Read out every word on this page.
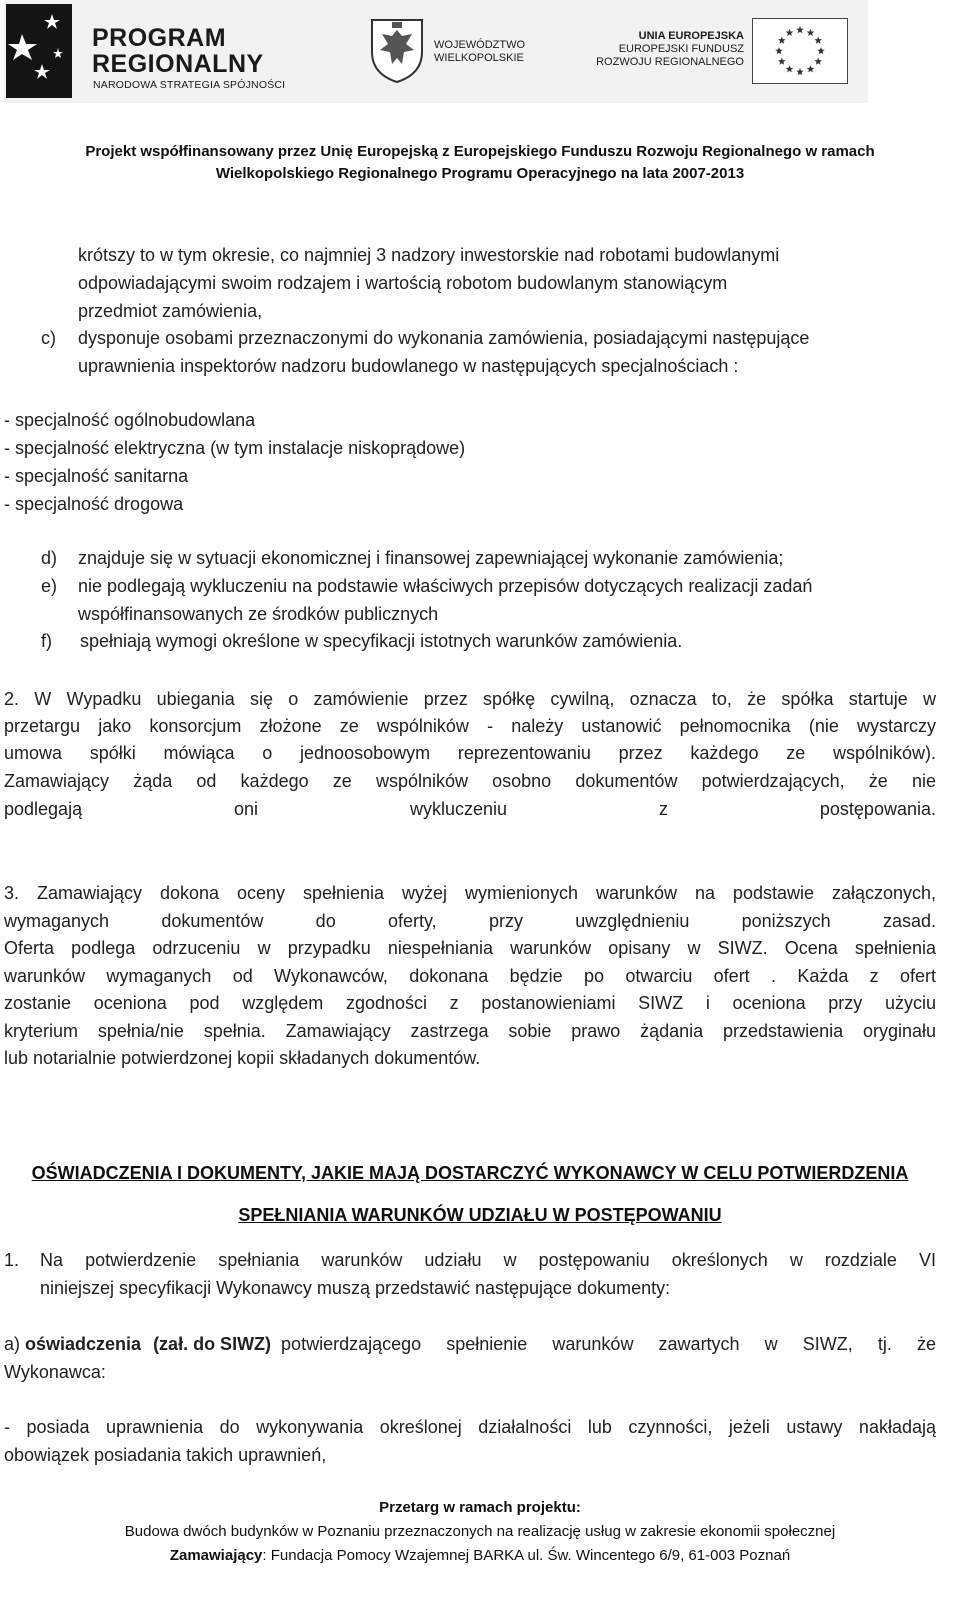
PROGRAM
REGIONALNY
NARODOWA STRATEGIA SPÓJNOŚCI
WOJEWÓDZTWO
WIELKOPOLSKIE
UNIA EUROPEJSKA
EUROPEJSKI FUNDUSZ
ROZWOJU REGIONALNEGO
Projekt współfinansowany przez Unię Europejską z Europejskiego Funduszu Rozwoju Regionalnego w ramach
Wielkopolskiego Regionalnego Programu Operacyjnego na lata 2007-2013
krótszy to w tym okresie, co najmniej 3 nadzory inwestorskie nad robotami budowlanymi
odpowiadającymi swoim rodzajem i wartością robotom budowlanym stanowiącym
przedmiot zamówienia,
c) dysponuje osobami przeznaczonymi do wykonania zamówienia, posiadającymi następujące
uprawnienia inspektorów nadzoru budowlanego w następujących specjalnościach :
- specjalność ogólnobudowlana
- specjalność elektryczna (w tym instalacje niskoprądowe)
- specjalność sanitarna
- specjalność drogowa
d) znajduje się w sytuacji ekonomicznej i finansowej zapewniającej wykonanie zamówienia;
e) nie podlegają wykluczeniu na podstawie właściwych przepisów dotyczących realizacji zadań
współfinansowanych ze środków publicznych
f) spełniają wymogi określone w specyfikacji istotnych warunków zamówienia.
2. W Wypadku ubiegania się o zamówienie przez spółkę cywilną, oznacza to, że spółka startuje w
przetargu jako konsorcjum złożone ze wspólników - należy ustanowić pełnomocnika (nie wystarczy
umowa spółki mówiąca o jednoosobowym reprezentowaniu przez każdego ze wspólników).
Zamawiający żąda od każdego ze wspólników osobno dokumentów potwierdzających, że nie
podlegają oni wykluczeniu z postępowania.
3. Zamawiający dokona oceny spełnienia wyżej wymienionych warunków na podstawie załączonych,
wymaganych dokumentów do oferty, przy uwzględnieniu poniższych zasad.
Oferta podlega odrzuceniu w przypadku niespełniania warunków opisany w SIWZ. Ocena spełnienia
warunków wymaganych od Wykonawców, dokonana będzie po otwarciu ofert . Każda z ofert
zostanie oceniona pod względem zgodności z postanowieniami SIWZ i oceniona przy użyciu
kryterium spełnia/nie spełnia. Zamawiający zastrzega sobie prawo żądania przedstawienia oryginału
lub notarialnie potwierdzonej kopii składanych dokumentów.
OŚWIADCZENIA I DOKUMENTY, JAKIE MAJĄ DOSTARCZYĆ WYKONAWCY W CELU POTWIERDZENIA
SPEŁNIANIA WARUNKÓW UDZIAŁU W POSTĘPOWANIU
1. Na potwierdzenie spełniania warunków udziału w postępowaniu określonych w rozdziale VI
niniejszej specyfikacji Wykonawcy muszą przedstawić następujące dokumenty:
a) oświadczenia (zał. do SIWZ) potwierdzającego spełnienie warunków zawartych w SIWZ, tj. że
Wykonawca:
- posiada uprawnienia do wykonywania określonej działalności lub czynności, jeżeli ustawy nakładają
obowiązek posiadania takich uprawnień,
Przetarg w ramach projektu:
Budowa dwóch budynków w Poznaniu przeznaczonych na realizację usług w zakresie ekonomii społecznej
Zamawiający: Fundacja Pomocy Wzajemnej BARKA ul. Św. Wincentego 6/9, 61-003 Poznań
